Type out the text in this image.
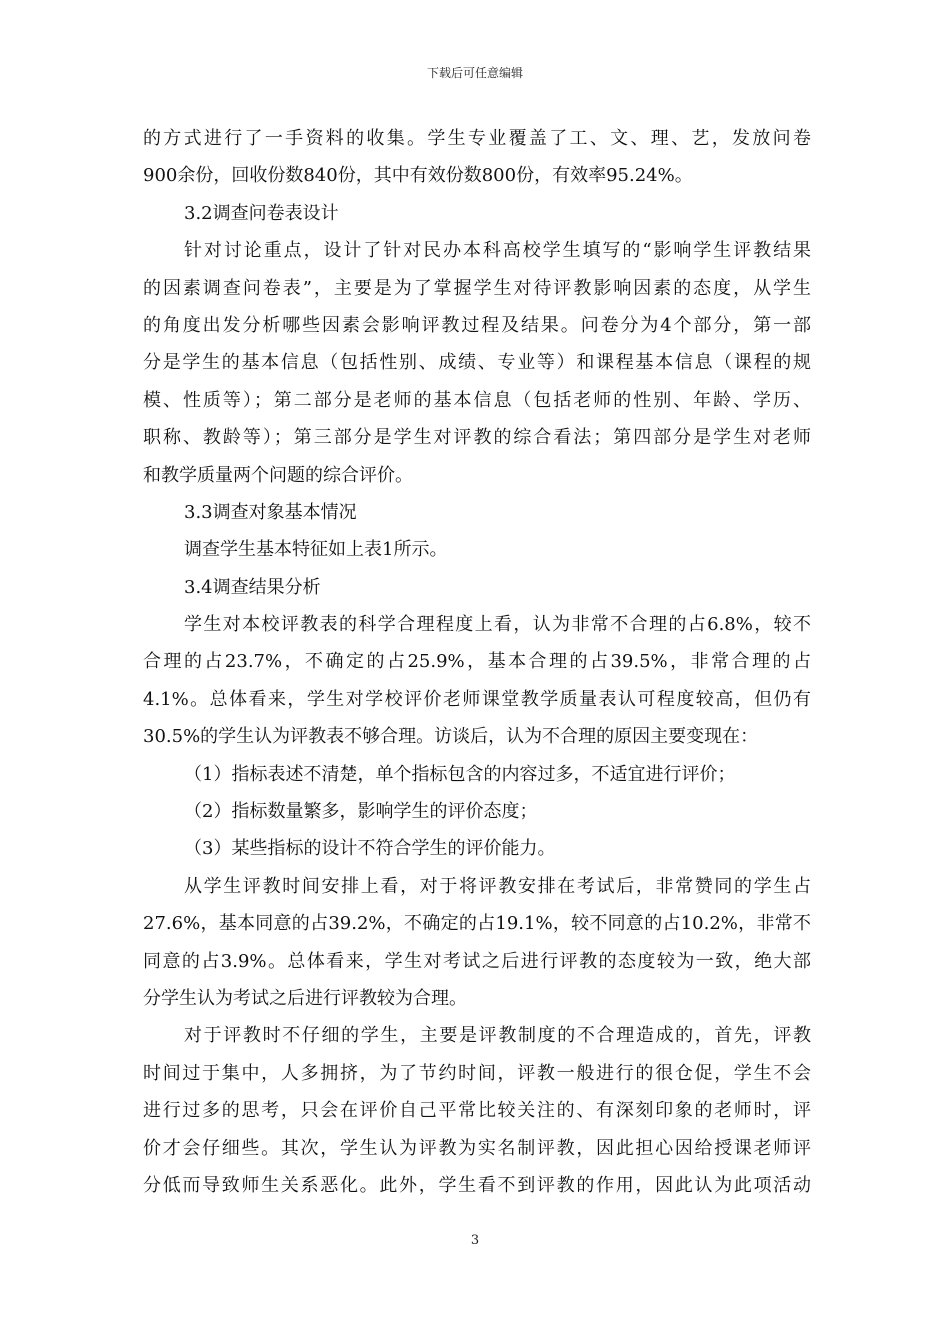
下载后可任意编辑
的方式进行了一手资料的收集。学生专业覆盖了工、文、理、艺，发放问卷
900余份，回收份数840份，其中有效份数800份，有效率95.24%。
3.2调查问卷表设计
针对讨论重点，设计了针对民办本科高校学生填写的“影响学生评教结果
的因素调查问卷表”，主要是为了掌握学生对待评教影响因素的态度，从学生
的角度出发分析哪些因素会影响评教过程及结果。问卷分为4个部分，第一部
分是学生的基本信息（包括性别、成绩、专业等）和课程基本信息（课程的规
模、性质等）；第二部分是老师的基本信息（包括老师的性别、年龄、学历、
职称、教龄等）；第三部分是学生对评教的综合看法；第四部分是学生对老师
和教学质量两个问题的综合评价。
3.3调查对象基本情况
调查学生基本特征如上表1所示。
3.4调查结果分析
学生对本校评教表的科学合理程度上看，认为非常不合理的占6.8%，较不
合理的占23.7%，不确定的占25.9%，基本合理的占39.5%，非常合理的占
4.1%。总体看来，学生对学校评价老师课堂教学质量表认可程度较高，但仍有
30.5%的学生认为评教表不够合理。访谈后，认为不合理的原因主要变现在：
（1）指标表述不清楚，单个指标包含的内容过多，不适宜进行评价；
（2）指标数量繁多，影响学生的评价态度；
（3）某些指标的设计不符合学生的评价能力。
从学生评教时间安排上看，对于将评教安排在考试后，非常赞同的学生占
27.6%，基本同意的占39.2%，不确定的占19.1%，较不同意的占10.2%，非常不
同意的占3.9%。总体看来，学生对考试之后进行评教的态度较为一致，绝大部
分学生认为考试之后进行评教较为合理。
对于评教时不仔细的学生，主要是评教制度的不合理造成的，首先，评教
时间过于集中，人多拥挤，为了节约时间，评教一般进行的很仓促，学生不会
进行过多的思考，只会在评价自己平常比较关注的、有深刻印象的老师时，评
价才会仔细些。其次，学生认为评教为实名制评教，因此担心因给授课老师评
分低而导致师生关系恶化。此外，学生看不到评教的作用，因此认为此项活动
3
